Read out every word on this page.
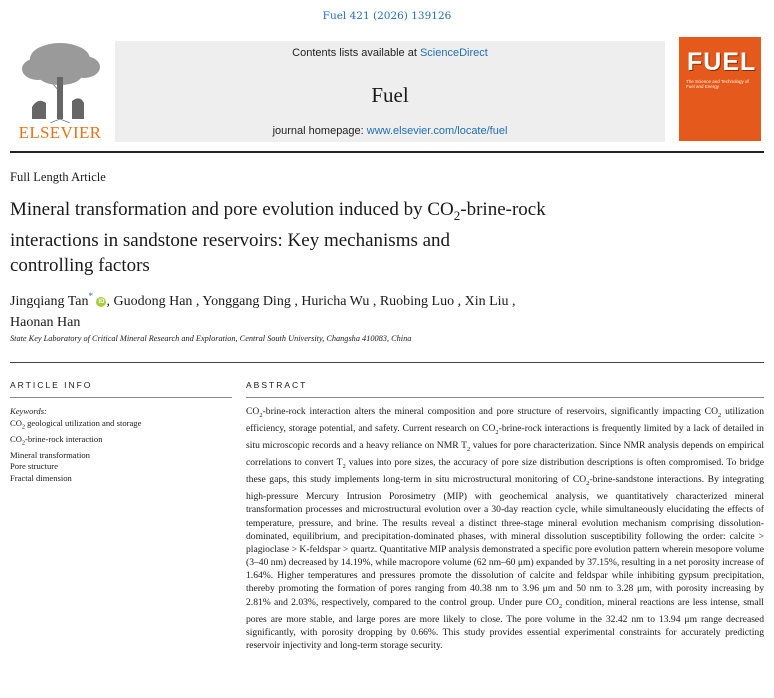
Fuel 421 (2026) 139126
ELSEVIER
Contents lists available at ScienceDirect
Fuel
journal homepage: www.elsevier.com/locate/fuel
FUEL
The Science and Technology of Fuel and Energy
Full Length Article
Mineral transformation and pore evolution induced by $CO_2-brine$-rock
interactions in sandstone reservoirs: Key mechanisms and
controlling factors
Jingqiang Tan* iD , Guodong Han , Yonggang Ding , Huricha Wu , Ruobing Luo , Xin Liu ,
Haonan Han
State Key Laboratory of Critical Mineral Research and Exploration, Central South University, Changsha 410083, China
ARTICLE INFO	ABSTRACT
Keywords:
$CO_2$ geological utilization and storage
$CO_2-brine$-rock interaction
Mineral transformation
Pore structure
Fractal dimension

$CO_2-brine$-rock interaction alters the mineral composition and pore structure of reservoirs, significantly impacting $CO_2$ utilization efficiency, storage potential, and safety. Current research on $CO_2-brine$-rock interactions is frequently limited by a lack of detailed in situ microscopic records and a heavy reliance on NMR $T_2$ values for pore characterization. Since NMR analysis depends on empirical correlations to convert $T_2$ values into pore sizes, the accuracy of pore size distribution descriptions is often compromised. To bridge these gaps, this study implements long-term in situ microstructural monitoring of $CO_2-brine$-sandstone interactions. By integrating high-pressure Mercury Intrusion Porosimetry (MIP) with geochemical analysis, we quantitatively characterized mineral transformation processes and microstructural evolution over a 30-day reaction cycle, while simultaneously elucidating the effects of temperature, pressure, and brine. The results reveal a distinct three-stage mineral evolution mechanism comprising dissolution-dominated, equilibrium, and precipitation-dominated phases, with mineral dissolution susceptibility following the order: calcite > plagioclase > K-feldspar > quartz. Quantitative MIP analysis demonstrated a specific pore evolution pattern wherein mesopore volume (3–40 nm) decreased by 14.19%, while macropore volume (62 nm–60 μm) expanded by 37.15%, resulting in a net porosity increase of 1.64%. Higher temperatures and pressures promote the dissolution of calcite and feldspar while inhibiting gypsum precipitation, thereby promoting the formation of pores ranging from 40.38 nm to 3.96 μm and 50 nm to 3.28 μm, with porosity increasing by 2.81% and 2.03%, respectively, compared to the control group. Under pure $CO_2$ condition, mineral reactions are less intense, small pores are more stable, and large pores are more likely to close. The pore volume in the 32.42 nm to 13.94 μm range decreased significantly, with porosity dropping by 0.66%. This study provides essential experimental constraints for accurately predicting reservoir injectivity and long-term storage security.
